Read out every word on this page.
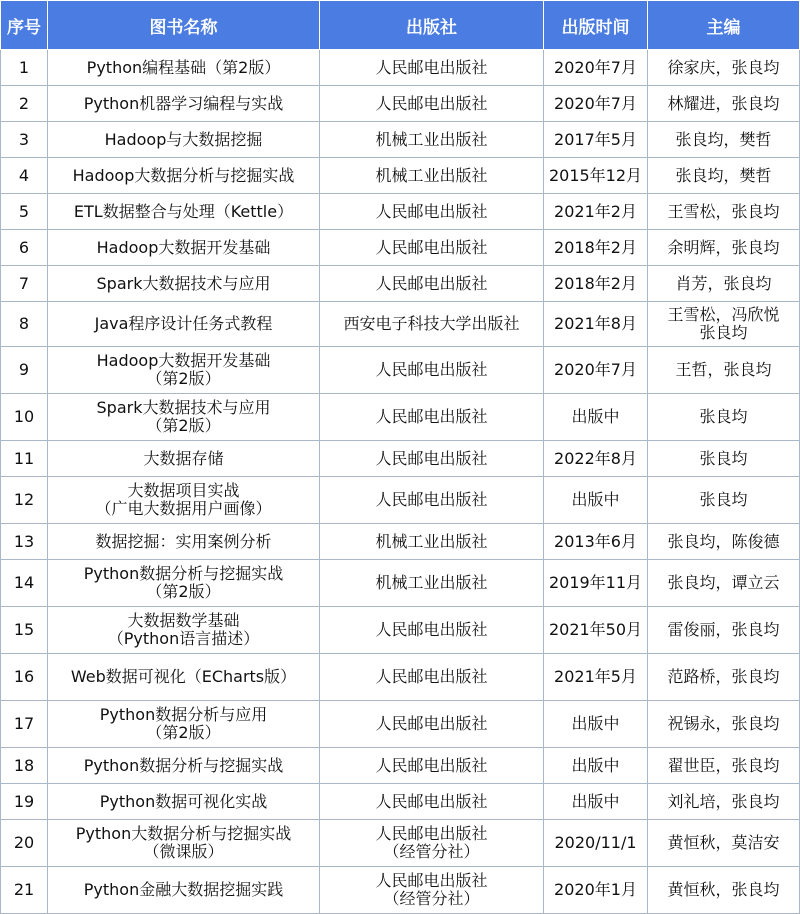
序号	图书名称	出版社	出版时间	主编
1	Python编程基础（第2版）	人民邮电出版社	2020年7月	徐家庆，张良均

2	Python机器学习编程与实战	人民邮电出版社	2020年7月	林耀进，张良均

3	Hadoop与大数据挖掘	机械工业出版社	2017年5月	张良均，樊哲

4	Hadoop大数据分析与挖掘实战	机械工业出版社	2015年12月	张良均，樊哲

5	ETL数据整合与处理（Kettle）	人民邮电出版社	2021年2月	王雪松，张良均

6	Hadoop大数据开发基础	人民邮电出版社	2018年2月	余明辉，张良均

7	Spark大数据技术与应用	人民邮电出版社	2018年2月	肖芳，张良均

8	Java程序设计任务式教程	西安电子科技大学出版社	2021年8月	王雪松，冯欣悦
张良均

9	Hadoop大数据开发基础
（第2版）	人民邮电出版社	2020年7月	王哲，张良均

10	Spark大数据技术与应用
（第2版）	人民邮电出版社	出版中	张良均

11	大数据存储	人民邮电出版社	2022年8月	张良均

12	大数据项目实战
（广电大数据用户画像）	人民邮电出版社	出版中	张良均

13	数据挖掘：实用案例分析	机械工业出版社	2013年6月	张良均，陈俊德

14	Python数据分析与挖掘实战
（第2版）	机械工业出版社	2019年11月	张良均，谭立云

15	大数据数学基础
（Python语言描述）	人民邮电出版社	2021年50月	雷俊丽，张良均

16	Web数据可视化（ECharts版）	人民邮电出版社	2021年5月	范路桥，张良均

17	Python数据分析与应用
（第2版）	人民邮电出版社	出版中	祝锡永，张良均

18	Python数据分析与挖掘实战	人民邮电出版社	出版中	翟世臣，张良均

19	Python数据可视化实战	人民邮电出版社	出版中	刘礼培，张良均

20	Python大数据分析与挖掘实战
（微课版）	人民邮电出版社
（经管分社）	2020/11/1	黄恒秋，莫洁安

21	Python金融大数据挖掘实践	人民邮电出版社
（经管分社）	2020年1月	黄恒秋，张良均
